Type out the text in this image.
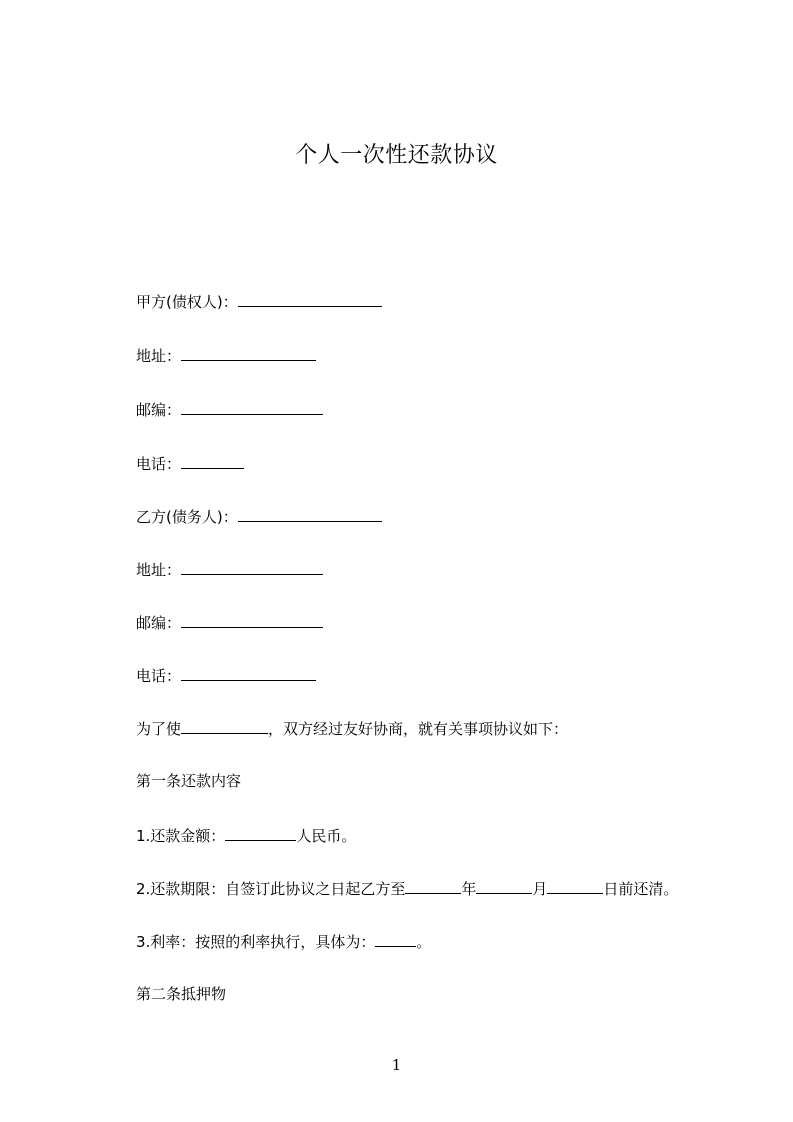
个人一次性还款协议
甲方(债权人)：
地址：
邮编：
电话：
乙方(债务人)：
地址：
邮编：
电话：
为了使	，双方经过友好协商，就有关事项协议如下：
第一条还款内容
1.还款金额：	人民币。
2.还款期限：自签订此协议之日起乙方至	年	月	日前还清。
3.利率：按照的利率执行，具体为：	。
第二条抵押物
1
